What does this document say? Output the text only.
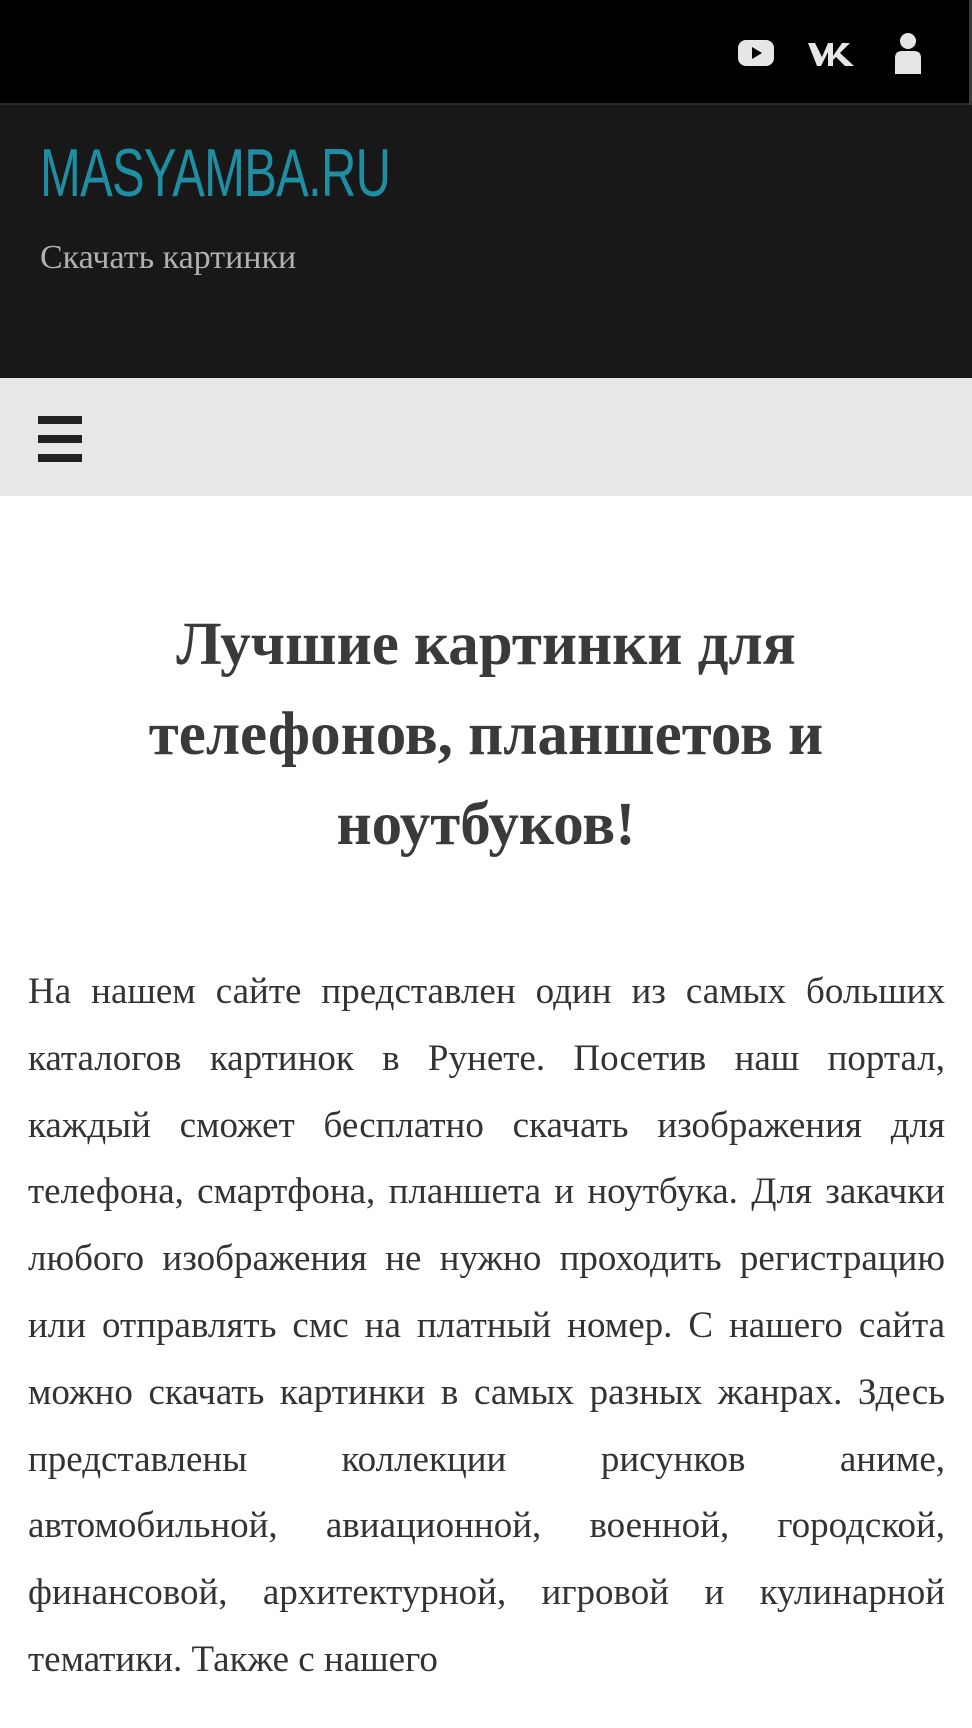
MASYAMBA.RU

Скачать картинки

Лучшие картинки для телефонов, планшетов и ноутбуков!

На нашем сайте представлен один из самых больших каталогов картинок в Рунете. Посетив наш портал, каждый сможет бесплатно скачать изображения для телефона, смартфона, планшета и ноутбука. Для закачки любого изображения не нужно проходить регистрацию или отправлять смс на платный номер. С нашего сайта можно скачать картинки в самых разных жанрах. Здесь представлены коллекции рисунков аниме, автомобильной, авиационной, военной, городской, финансовой, архитектурной, игровой и кулинарной тематики. Также с нашего
